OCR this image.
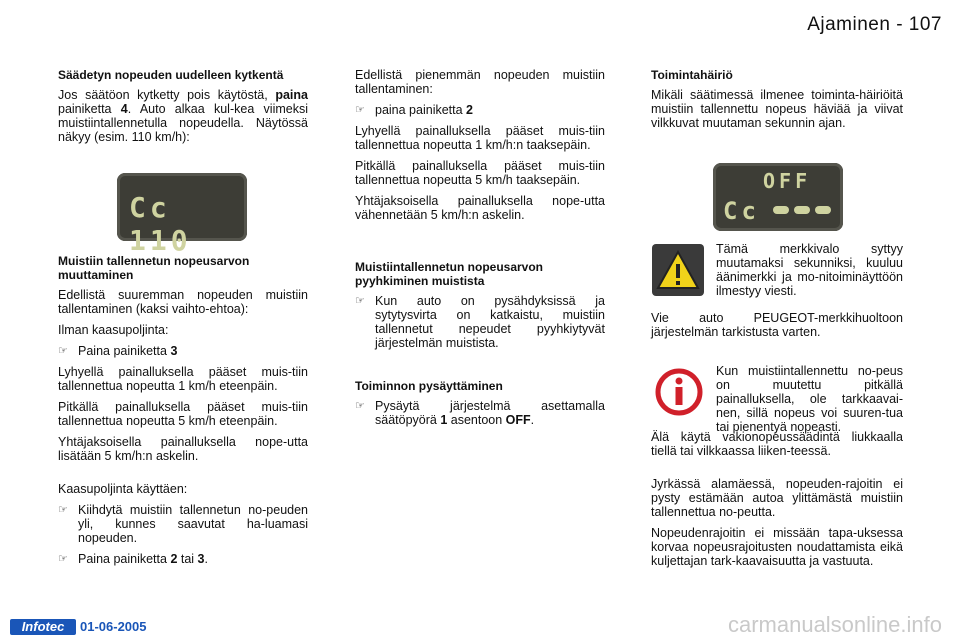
Ajaminen - 107
Säädetyn nopeuden uudelleen kytkentä

Jos säätöon kytketty pois käytöstä, paina painiketta 4. Auto alkaa kul-kea viimeksi muistiintallennetulla nopeudella. Näytössä näkyy (esim. 110 km/h):

Cc 110
Muistiin tallennetun nopeusarvon muuttaminen

Edellistä suuremman nopeuden muistiin tallentaminen (kaksi vaihto-ehtoa):

Ilman kaasupoljinta:

☞ Paina painiketta 3

Lyhyellä painalluksella pääset muis-tiin tallennettua nopeutta 1 km/h eteenpäin.

Pitkällä painalluksella pääset muis-tiin tallennettua nopeutta 5 km/h eteenpäin.

Yhtäjaksoisella painalluksella nope-utta lisätään 5 km/h:n askelin.

Kaasupoljinta käyttäen:

☞ Kiihdytä muistiin tallennetun no-peuden yli, kunnes saavutat ha-luamasi nopeuden.
☞ Paina painiketta 2 tai 3.

Edellistä pienemmän nopeuden muistiin tallentaminen:

☞ paina painiketta 2

Lyhyellä painalluksella pääset muis-tiin tallennettua nopeutta 1 km/h:n taaksepäin.

Pitkällä painalluksella pääset muis-tiin tallennettua nopeutta 5 km/h taaksepäin.

Yhtäjaksoisella painalluksella nope-utta vähennetään 5 km/h:n askelin.

Muistiintallennetun nopeusarvon pyyhkiminen muistista
☞ Kun auto on pysähdyksissä ja sytytysvirta on katkaistu, muistiin tallennetut nepeudet pyyhkiytyvät järjestelmän muistista.
Toiminnon pysäyttäminen
☞ Pysäytä järjestelmä asettamalla säätöpyörä 1 asentoon OFF.
Toimintahäiriö

Mikäli säätimessä ilmenee toiminta-häiriöitä muistiin tallennettu nopeus häviää ja viivat vilkkuvat muutaman sekunnin ajan.

OFF
Cc

Tämä merkkivalo syttyy muutamaksi sekunniksi, kuuluu äänimerkki ja mo-nitoiminäyttöön ilmestyy viesti.

Vie auto PEUGEOT-merkkihuoltoon järjestelmän tarkistusta varten.

Kun muistiintallennettu no-peus on muutettu pitkällä painalluksella, ole tarkkaavai-nen, sillä nopeus voi suuren-tua tai pienentyä nopeasti.

Älä käytä vakionopeussäädintä liukkaalla tiellä tai vilkkaassa liiken-teessä.

Jyrkässä alamäessä, nopeuden-rajoitin ei pysty estämään autoa ylittämästä muistiin tallennettua no-peutta.

Nopeudenrajoitin ei missään tapa-uksessa korvaa nopeusrajoitusten noudattamista eikä kuljettajan tark-kaavaisuutta ja vastuuta.

Infotec	01-06-2005	carmanualsonline.info
